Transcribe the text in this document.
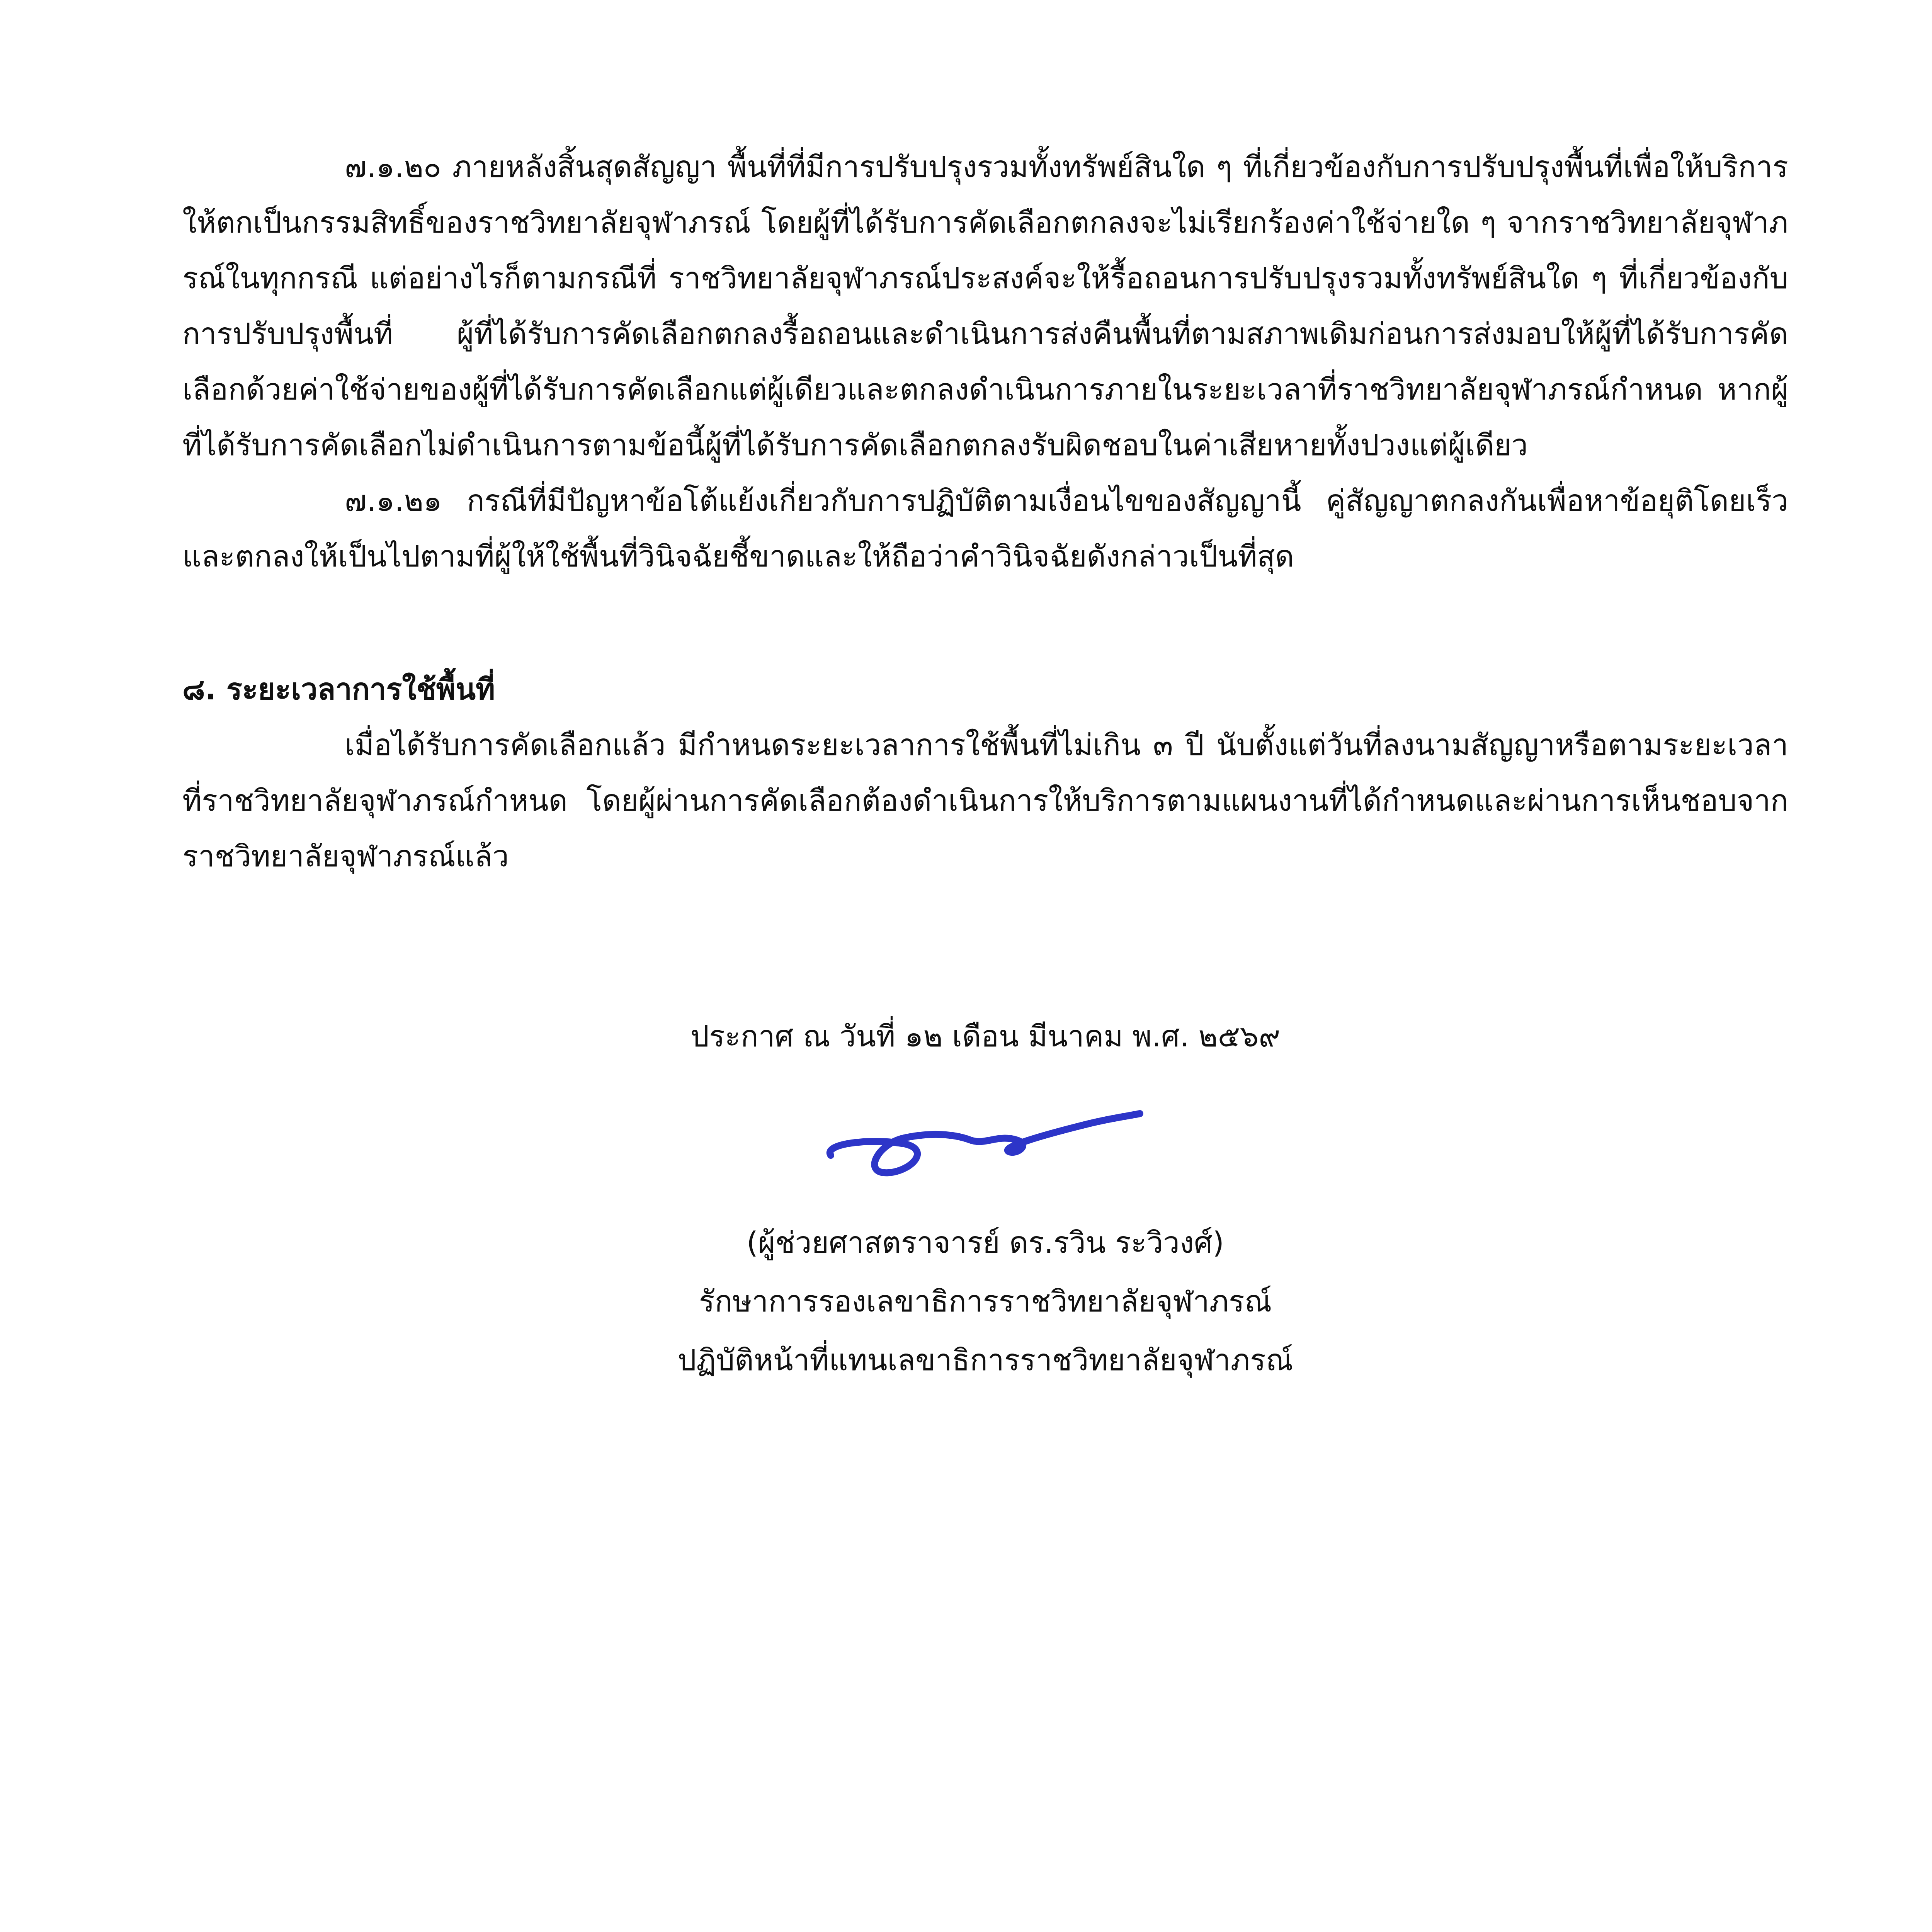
๗.๑.๒๐ ภายหลังสิ้นสุดสัญญา พื้นที่ที่มีการปรับปรุงรวมทั้งทรัพย์สินใด ๆ ที่เกี่ยวข้องกับการปรับปรุงพื้นที่เพื่อให้บริการ ให้ตกเป็นกรรมสิทธิ์ของราชวิทยาลัยจุฬาภรณ์ โดยผู้ที่ได้รับการคัดเลือกตกลงจะไม่เรียกร้องค่าใช้จ่ายใด ๆ จากราชวิทยาลัยจุฬาภรณ์ในทุกกรณี แต่อย่างไรก็ตามกรณีที่ ราชวิทยาลัยจุฬาภรณ์ประสงค์จะให้รื้อถอนการปรับปรุงรวมทั้งทรัพย์สินใด ๆ ที่เกี่ยวข้องกับการปรับปรุงพื้นที่ ผู้ที่ได้รับการคัดเลือกตกลงรื้อถอนและดำเนินการส่งคืนพื้นที่ตามสภาพเดิมก่อนการส่งมอบให้ผู้ที่ได้รับการคัดเลือกด้วยค่าใช้จ่ายของผู้ที่ได้รับการคัดเลือกแต่ผู้เดียวและตกลงดำเนินการภายในระยะเวลาที่ราชวิทยาลัยจุฬาภรณ์กำหนด หากผู้ที่ได้รับการคัดเลือกไม่ดำเนินการตามข้อนี้ผู้ที่ได้รับการคัดเลือกตกลงรับผิดชอบในค่าเสียหายทั้งปวงแต่ผู้เดียว

๗.๑.๒๑ กรณีที่มีปัญหาข้อโต้แย้งเกี่ยวกับการปฏิบัติตามเงื่อนไขของสัญญานี้ คู่สัญญาตกลงกันเพื่อหาข้อยุติโดยเร็ว และตกลงให้เป็นไปตามที่ผู้ให้ใช้พื้นที่วินิจฉัยชี้ขาดและให้ถือว่าคำวินิจฉัยดังกล่าวเป็นที่สุด

๘. ระยะเวลาการใช้พื้นที่

เมื่อได้รับการคัดเลือกแล้ว มีกำหนดระยะเวลาการใช้พื้นที่ไม่เกิน ๓ ปี นับตั้งแต่วันที่ลงนามสัญญาหรือตามระยะเวลาที่ราชวิทยาลัยจุฬาภรณ์กำหนด โดยผู้ผ่านการคัดเลือกต้องดำเนินการให้บริการตามแผนงานที่ได้กำหนดและผ่านการเห็นชอบจากราชวิทยาลัยจุฬาภรณ์แล้ว

ประกาศ ณ วันที่ ๑๒ เดือน มีนาคม พ.ศ. ๒๕๖๙
(ผู้ช่วยศาสตราจารย์ ดร.รวิน ระวิวงศ์)
รักษาการรองเลขาธิการราชวิทยาลัยจุฬาภรณ์
ปฏิบัติหน้าที่แทนเลขาธิการราชวิทยาลัยจุฬาภรณ์
